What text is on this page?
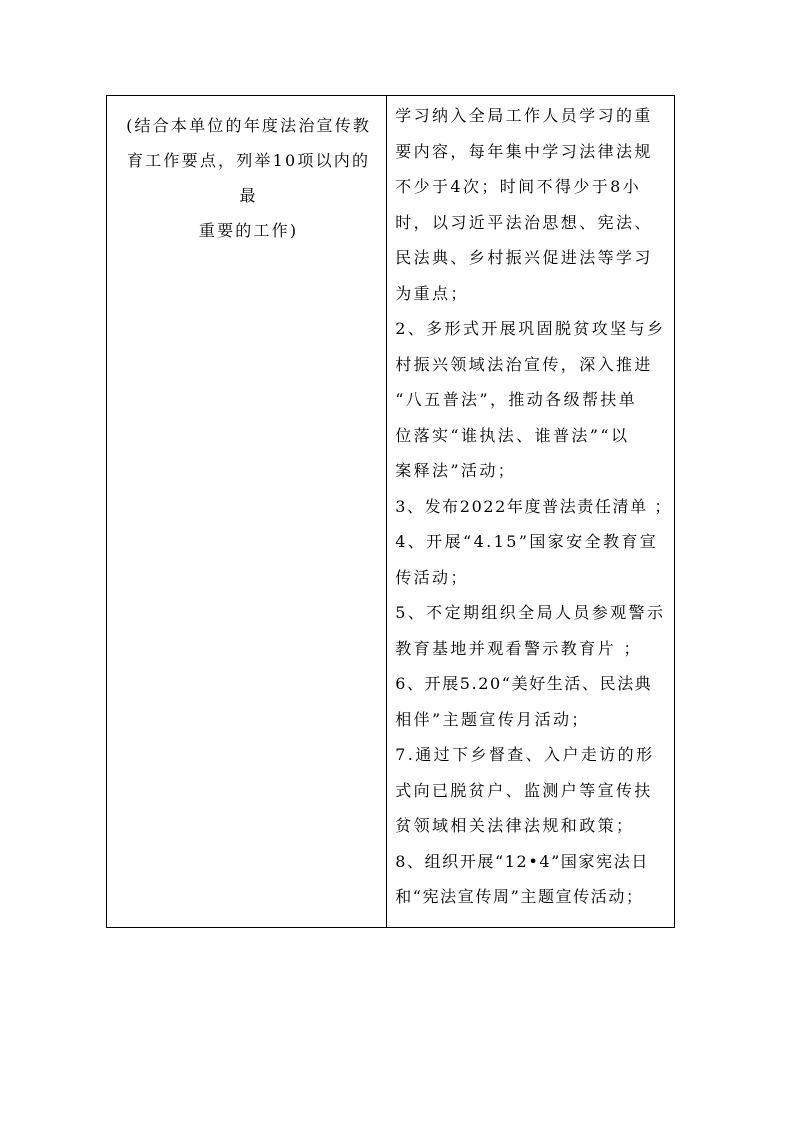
(结合本单位的年度法治宣传教

育工作要点，列举10项以内的最

重要的工作)

学习纳入全局工作人员学习的重

要内容，每年集中学习法律法规

不少于4次；时间不得少于8小

时，以习近平法治思想、宪法、

民法典、乡村振兴促进法等学习

为重点；

2、多形式开展巩固脱贫攻坚与乡

村振兴领域法治宣传，深入推进

“八五普法”，推动各级帮扶单

位落实“谁执法、谁普法”“以

案释法”活动；

3、发布2022年度普法责任清单 ；

4、开展“4.15”国家安全教育宣

传活动；

5、不定期组织全局人员参观警示

教育基地并观看警示教育片 ；

6、开展5.20“美好生活、民法典

相伴”主题宣传月活动；

7.通过下乡督查、入户走访的形

式向已脱贫户、监测户等宣传扶

贫领域相关法律法规和政策；

8、组织开展“12•4”国家宪法日

和“宪法宣传周”主题宣传活动；
